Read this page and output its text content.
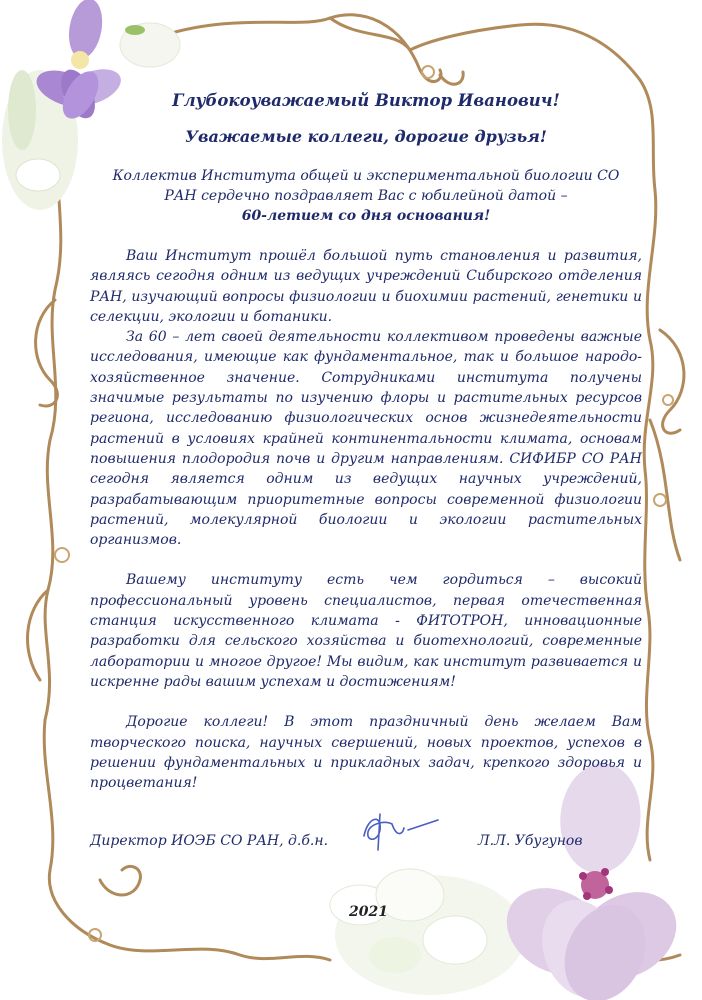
Глубокоуважаемый Виктор Иванович!

Уважаемые коллеги, дорогие друзья!

Коллектив Института общей и экспериментальной биологии СО РАН сердечно поздравляет Вас с юбилейной датой –
60-летием со дня основания!

Ваш Институт прошёл большой путь становления и развития, являясь сегодня одним из ведущих учреждений Сибирского отделения РАН, изучающий вопросы физиологии и биохимии растений, генетики и селекции, экологии и ботаники.

За 60 – лет своей деятельности коллективом проведены важные исследования, имеющие как фундаментальное, так и большое народо-хозяйственное значение. Сотрудниками института получены значимые результаты по изучению флоры и растительных ресурсов региона, исследованию физиологических основ жизнедеятельности растений в условиях крайней континентальности климата, основам повышения плодородия почв и другим направлениям. СИФИБР СО РАН сегодня является одним из ведущих научных учреждений, разрабатывающим приоритетные вопросы современной физиологии растений, молекулярной биологии и экологии растительных организмов.

Вашему институту есть чем гордиться – высокий профессиональный уровень специалистов, первая отечественная станция искусственного климата - ФИТОТРОН, инновационные разработки для сельского хозяйства и биотехнологий, современные лаборатории и многое другое! Мы видим, как институт развивается и искренне рады вашим успехам и достижениям!

Дорогие коллеги! В этот праздничный день желаем Вам творческого поиска, научных свершений, новых проектов, успехов в решении фундаментальных и прикладных задач, крепкого здоровья и процветания!

Директор ИОЭБ СО РАН, д.б.н.	Л.Л. Убугунов
2021
